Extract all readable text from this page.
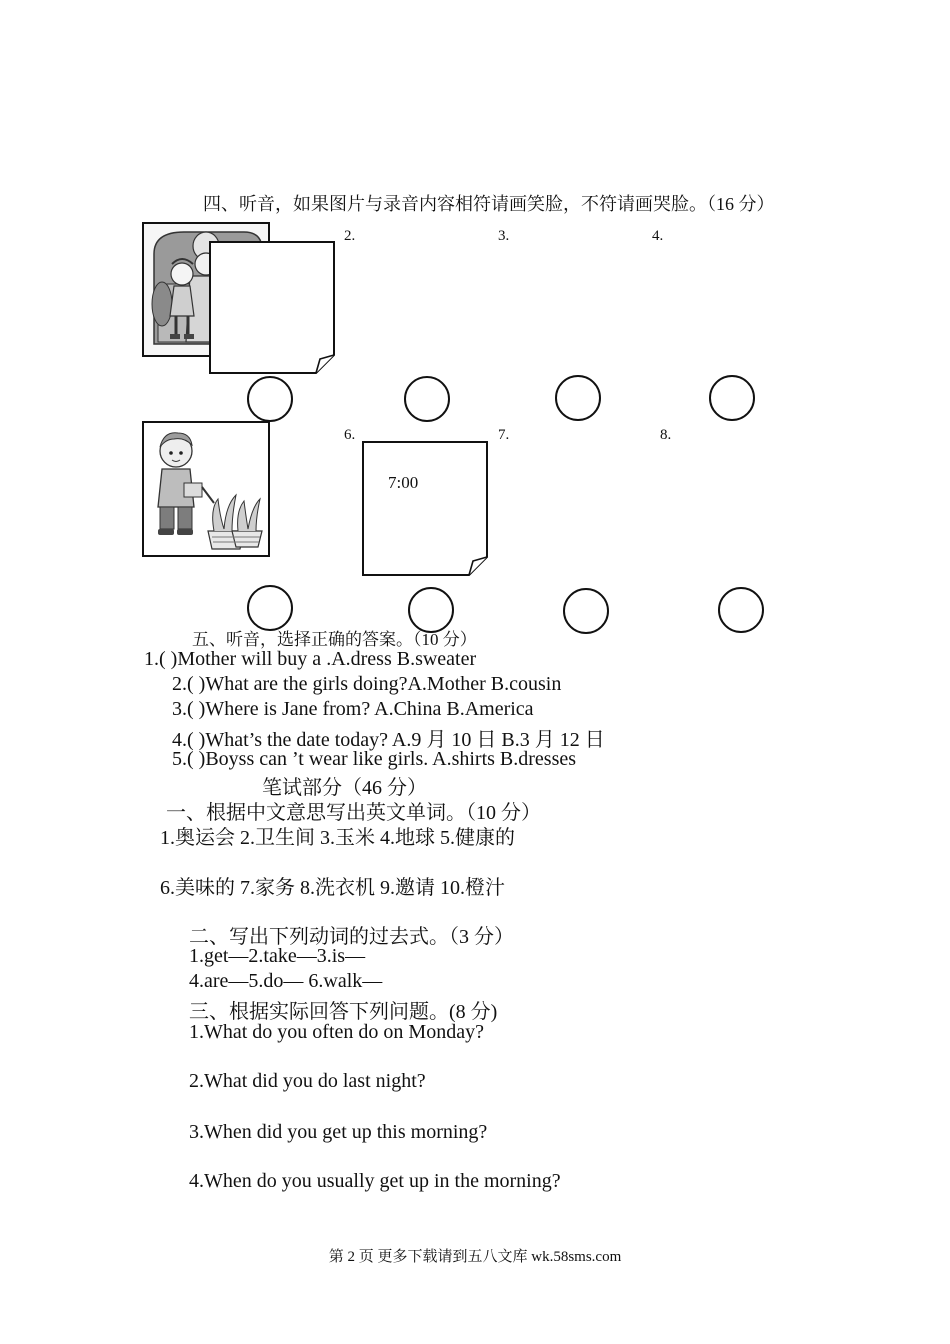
四、听音，如果图片与录音内容相符请画笑脸，不符请画哭脸。（16 分）
2.	3.	4.
6.	7.	8.
7:00
五、听音，选择正确的答案。（10 分）
1.( )Mother will buy a .A.dress B.sweater
2.( )What are the girls doing?A.Mother B.cousin
3.( )Where is Jane from? A.China B.America
4.( )What’s the date today? A.9 月 10 日 B.3 月 12 日
5.( )Boyss can ’t wear like girls. A.shirts B.dresses
笔试部分（46 分）
一、根据中文意思写出英文单词。（10 分）
1.奥运会 2.卫生间 3.玉米 4.地球 5.健康的
6.美味的 7.家务 8.洗衣机 9.邀请 10.橙汁
二、写出下列动词的过去式。（3 分）
1.get—2.take—3.is—
4.are—5.do— 6.walk—
三、根据实际回答下列问题。(8 分)
1.What do you often do on Monday?
2.What did you do last night?
3.When did you get up this morning?
4.When do you usually get up in the morning?
第 2 页 更多下载请到五八文库 wk.58sms.com
